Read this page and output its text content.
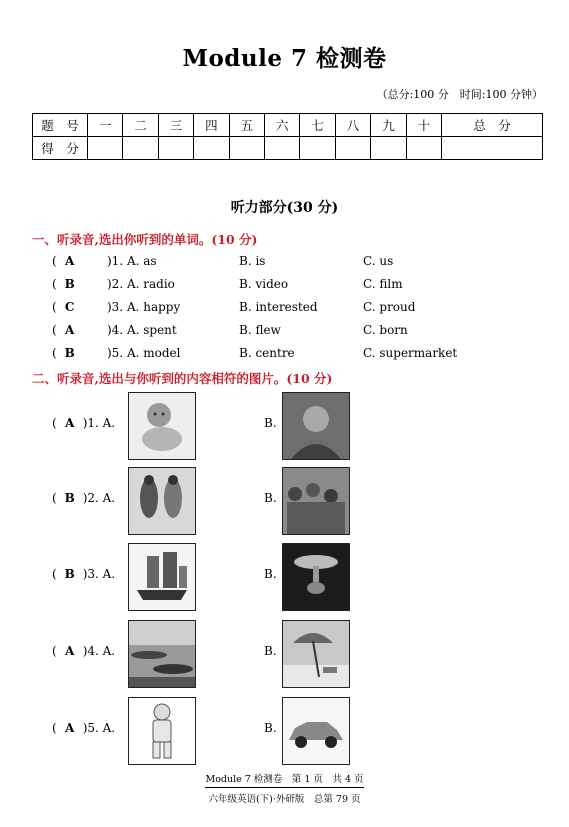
Module 7 检测卷
（总分:100 分　时间:100 分钟）
题　号	一	二	三	四	五	六	七	八	九	十	总　分
得　分											
听力部分(30 分)
一、听录音,选出你听到的单词。(10 分)
( A	)1. A. as	B. is	C. us
( B	)2. A. radio	B. video	C. film
( C	)3. A. happy	B. interested	C. proud
( A	)4. A. spent	B. flew	C. born
( B	)5. A. model	B. centre	C. supermarket
二、听录音,选出与你听到的内容相符的图片。(10 分)
( A )1. A.	B.
( B )2. A.	B.
( B )3. A.	B.
( A )4. A.	B.
( A )5. A.	B.
Module 7 检测卷　第 1 页　共 4 页
六年级英语(下)·外研版　总第 79 页
